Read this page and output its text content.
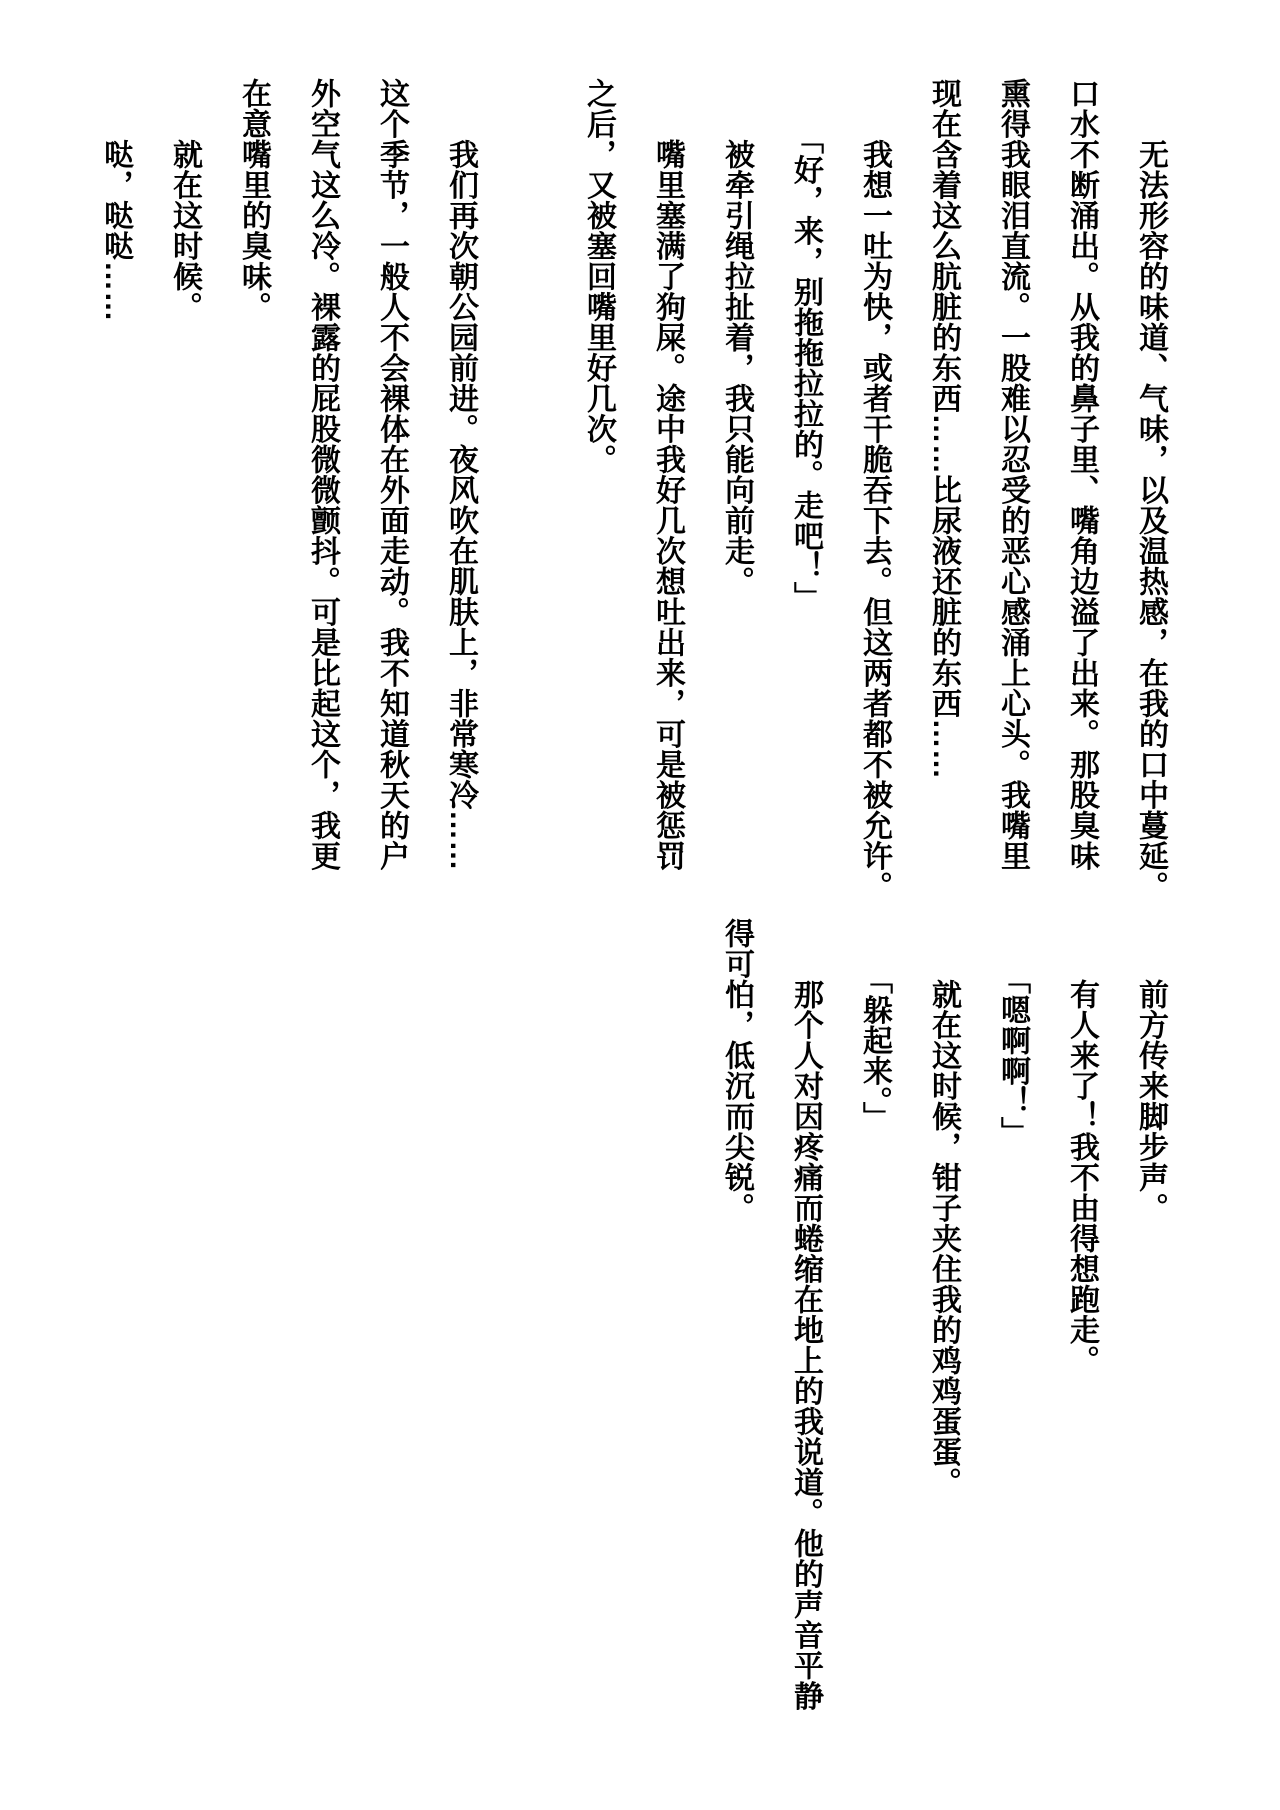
　　无法形容的味道、气味，以及温热感，在我的口中蔓延。
口水不断涌出。从我的鼻子里、嘴角边溢了出来。那股臭味
熏得我眼泪直流。一股难以忍受的恶心感涌上心头。我嘴里
现在含着这么肮脏的东西……比尿液还脏的东西……
　　我想一吐为快，或者干脆吞下去。但这两者都不被允许。
　　「好，来，别拖拖拉拉的。走吧！」
　　被牵引绳拉扯着，我只能向前走。
　　嘴里塞满了狗屎。途中我好几次想吐出来，可是被惩罚
之后，又被塞回嘴里好几次。

　　我们再次朝公园前进。夜风吹在肌肤上，非常寒冷……
这个季节，一般人不会裸体在外面走动。我不知道秋天的户
外空气这么冷。裸露的屁股微微颤抖。可是比起这个，我更
在意嘴里的臭味。
　　就在这时候。
　　哒，哒哒……
　　前方传来脚步声。
　　有人来了！我不由得想跑走。
　　「嗯啊啊！」
　　就在这时候，钳子夹住我的鸡鸡蛋蛋。
　　「躲起来。」
　　那个人对因疼痛而蜷缩在地上的我说道。他的声音平静
得可怕，低沉而尖锐。
